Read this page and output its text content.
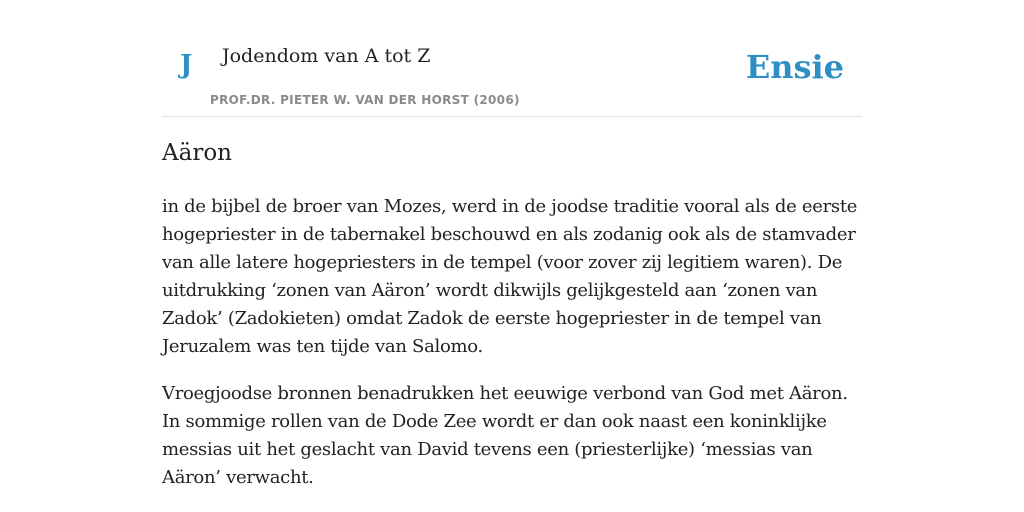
J Jodendom van A tot Z
PROF.DR. PIETER W. VAN DER HORST (2006)
Ensie
Aäron

in de bijbel de broer van Mozes, werd in de joodse traditie vooral als de eerste hogepriester in de tabernakel beschouwd en als zodanig ook als de stamvader van alle latere hogepriesters in de tempel (voor zover zij legitiem waren). De uitdrukking ‘zonen van Aäron’ wordt dikwijls gelijkgesteld aan ‘zonen van Zadok’ (Zadokieten) omdat Zadok de eerste hogepriester in de tempel van Jeruzalem was ten tijde van Salomo.

Vroegjoodse bronnen benadrukken het eeuwige verbond van God met Aäron. In sommige rollen van de Dode Zee wordt er dan ook naast een koninklijke messias uit het geslacht van David tevens een (priesterlijke) ‘messias van Aäron’ verwacht.
